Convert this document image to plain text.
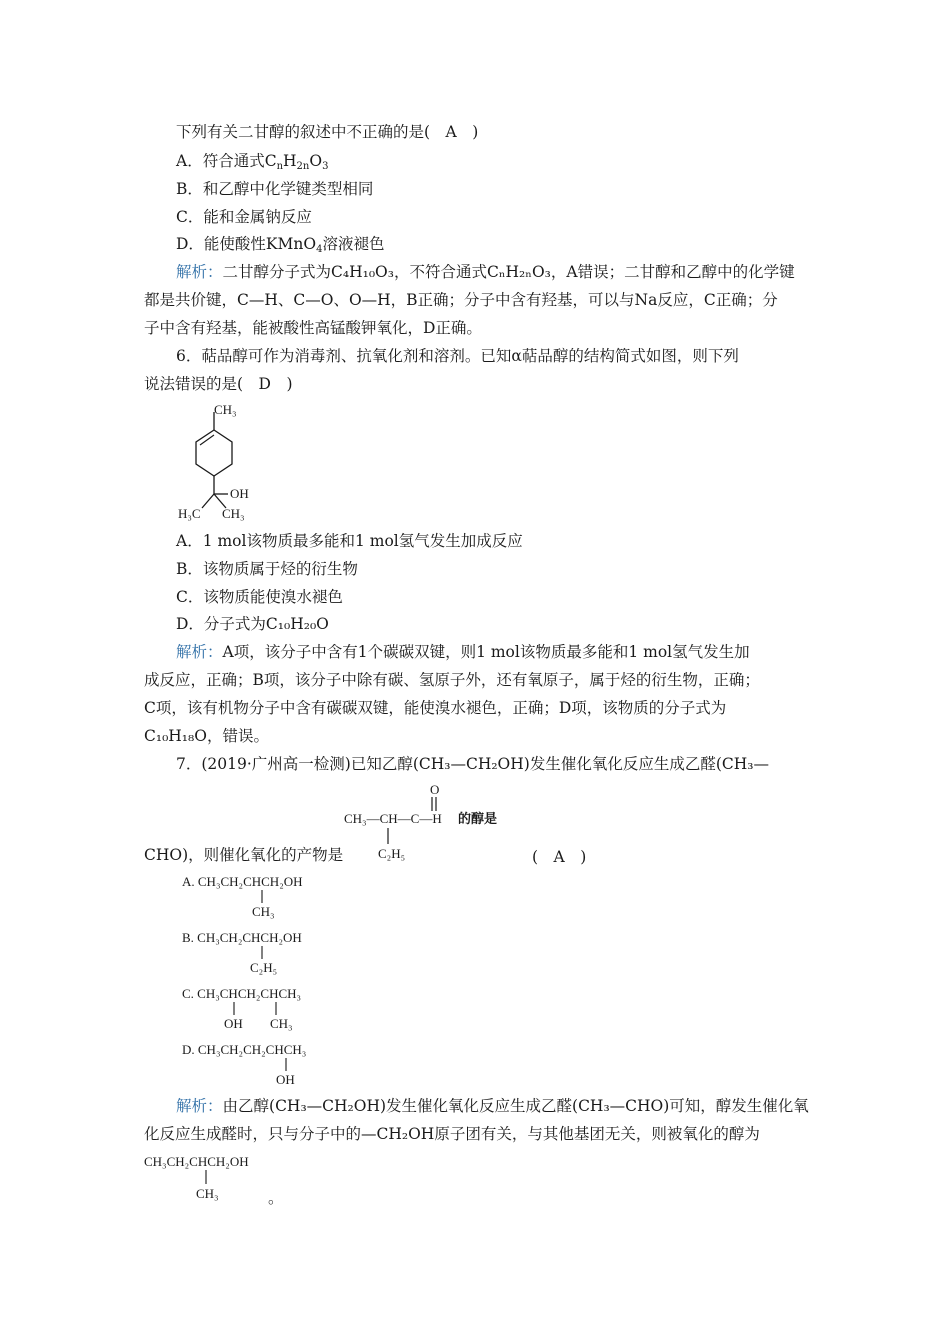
下列有关二甘醇的叙述中不正确的是(　A　)
A．符合通式$C_nH_{2n}O_3$
B．和乙醇中化学键类型相同
C．能和金属钠反应
D．能使酸性KMnO$_4$溶液褪色
解析：二甘醇分子式为C₄H₁₀O₃，不符合通式CₙH₂ₙO₃，A错误；二甘醇和乙醇中的化学键
都是共价键，C—H、C—O、O—H，B正确；分子中含有羟基，可以与Na反应，C正确；分
子中含有羟基，能被酸性高锰酸钾氧化，D正确。
6．萜品醇可作为消毒剂、抗氧化剂和溶剂。已知α萜品醇的结构简式如图，则下列
说法错误的是(　D　)
CH₃
OH
H₃C CH₃
A．1 mol该物质最多能和1 mol氢气发生加成反应
B．该物质属于烃的衍生物
C．该物质能使溴水褪色
D．分子式为C₁₀H₂₀O
解析：A项，该分子中含有1个碳碳双键，则1 mol该物质最多能和1 mol氢气发生加
成反应，正确；B项，该分子中除有碳、氢原子外，还有氧原子，属于烃的衍生物，正确；
C项，该有机物分子中含有碳碳双键，能使溴水褪色，正确；D项，该物质的分子式为
C₁₀H₁₈O，错误。
7．(2019·广州高一检测)已知乙醇(CH₃—CH₂OH)发生催化氧化反应生成乙醛(CH₃—
O
CH₃—CH—C—H 的醇是
C₂H₅
CHO)，则催化氧化的产物是	(　A　)
A. CH₃CH₂CHCH₂OH
CH₃
B. CH₃CH₂CHCH₂OH
C₂H₅
C. CH₃CHCH₂CHCH₃
OH CH₃
D. CH₃CH₂CH₂CHCH₃
OH
解析：由乙醇(CH₃—CH₂OH)发生催化氧化反应生成乙醛(CH₃—CHO)可知，醇发生催化氧
化反应生成醛时，只与分子中的—CH₂OH原子团有关，与其他基团无关，则被氧化的醇为
CH₃CH₂CHCH₂OH
CH₃	。
